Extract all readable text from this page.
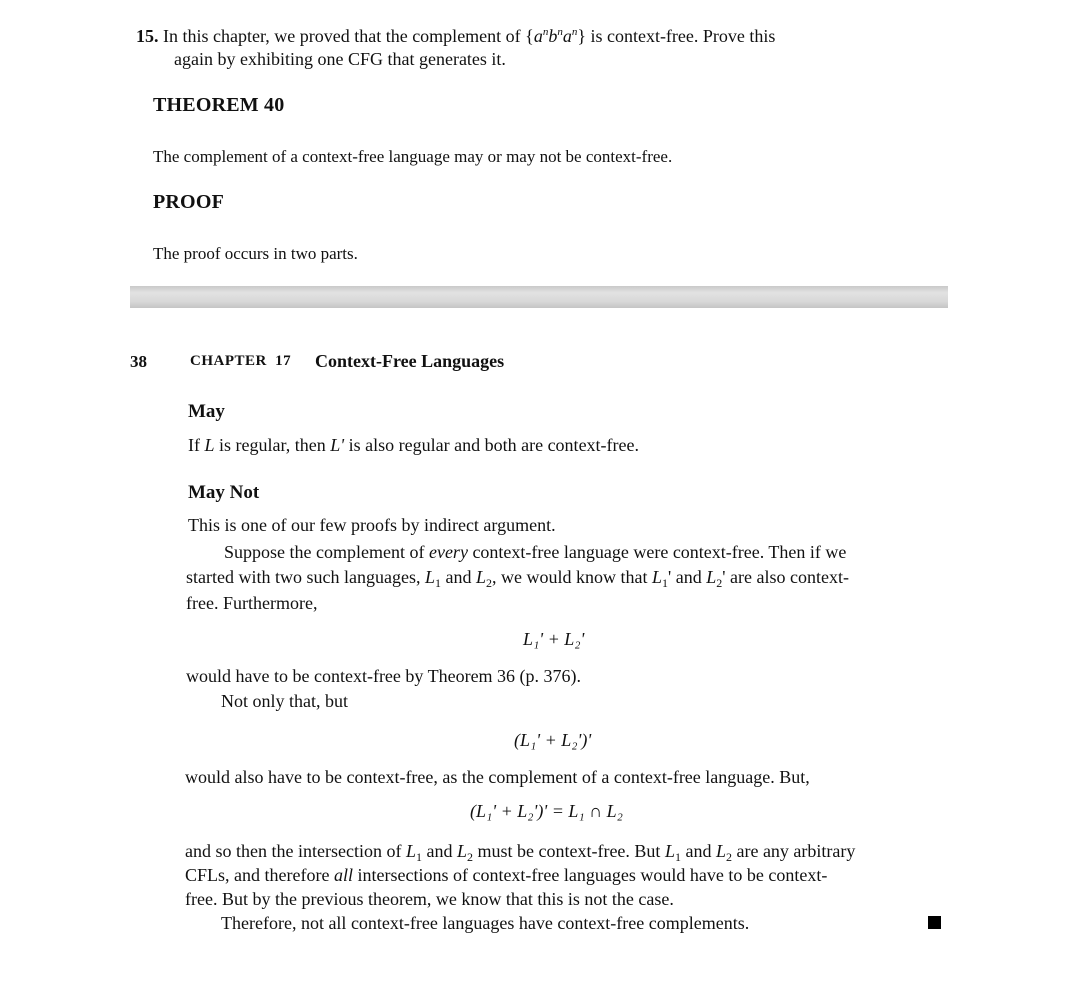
15. In this chapter, we proved that the complement of $\{a^nb^na^n\}$ is context-free. Prove this
again by exhibiting one CFG that generates it.
THEOREM 40
The complement of a context-free language may or may not be context-free.
PROOF
The proof occurs in two parts.
38	CHAPTER 17 Context-Free Languages
May
If L is regular, then L' is also regular and both are context-free.
May Not
This is one of our few proofs by indirect argument.
Suppose the complement of every context-free language were context-free. Then if we
started with two such languages, $L_1$ and $L_2$, we would know that $L_1'$ and $L_2'$ are also context-
free. Furthermore,
L₁' + L₂'
would have to be context-free by Theorem 36 (p. 376).
Not only that, but
(L₁' + L₂')'
would also have to be context-free, as the complement of a context-free language. But,
(L₁' + L₂')' = L₁ ∩ L₂
and so then the intersection of $L_1$ and $L_2$ must be context-free. But $L_1$ and $L_2$ are any arbitrary
CFLs, and therefore all intersections of context-free languages would have to be context-
free. But by the previous theorem, we know that this is not the case.
Therefore, not all context-free languages have context-free complements.
